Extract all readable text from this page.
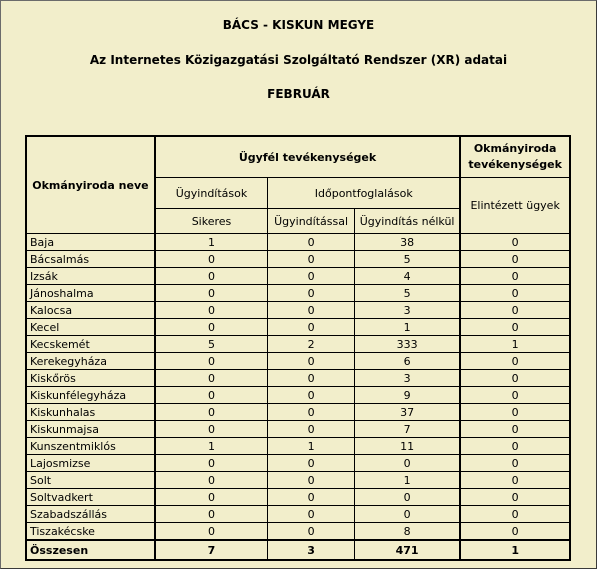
BÁCS - KISKUN MEGYE
Az Internetes Közigazgatási Szolgáltató Rendszer (XR) adatai
FEBRUÁR
Okmányiroda neve	Ügyfél tevékenységek			Okmányiroda tevékenységek
	Ügyindítások	Időpontfoglalások		Elintézett ügyek
	Sikeres	Ügyindítással	Ügyindítás nélkül	
Baja	1	0	38	0
Bácsalmás	0	0	5	0
Izsák	0	0	4	0
Jánoshalma	0	0	5	0
Kalocsa	0	0	3	0
Kecel	0	0	1	0
Kecskemét	5	2	333	1
Kerekegyháza	0	0	6	0
Kiskőrös	0	0	3	0
Kiskunfélegyháza	0	0	9	0
Kiskunhalas	0	0	37	0
Kiskunmajsa	0	0	7	0
Kunszentmiklós	1	1	11	0
Lajosmizse	0	0	0	0
Solt	0	0	1	0
Soltvadkert	0	0	0	0
Szabadszállás	0	0	0	0
Tiszakécske	0	0	8	0
Összesen	7	3	471	1
